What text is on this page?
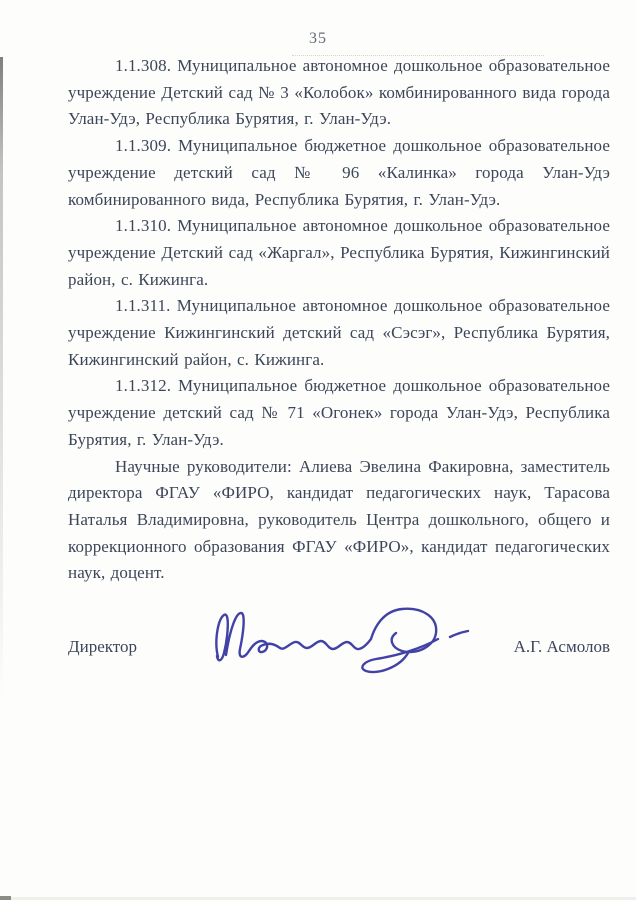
35

1.1.308. Муниципальное автономное дошкольное образовательное учреждение Детский сад № 3 «Колобок» комбинированного вида города Улан-Удэ, Республика Бурятия, г. Улан-Удэ.

1.1.309. Муниципальное бюджетное дошкольное образовательное учреждение детский сад № 96 «Калинка» города Улан-Удэ комбинированного вида, Республика Бурятия, г. Улан-Удэ.

1.1.310. Муниципальное автономное дошкольное образовательное учреждение Детский сад «Жаргал», Республика Бурятия, Кижингинский район, с. Кижинга.

1.1.311. Муниципальное автономное дошкольное образовательное учреждение Кижингинский детский сад «Сэсэг», Республика Бурятия, Кижингинский район, с. Кижинга.

1.1.312. Муниципальное бюджетное дошкольное образовательное учреждение детский сад № 71 «Огонек» города Улан-Удэ, Республика Бурятия, г. Улан-Удэ.

Научные руководители: Алиева Эвелина Факировна, заместитель директора ФГАУ «ФИРО, кандидат педагогических наук, Тарасова Наталья Владимировна, руководитель Центра дошкольного, общего и коррекционного образования ФГАУ «ФИРО», кандидат педагогических наук, доцент.

Директор	А.Г. Асмолов
